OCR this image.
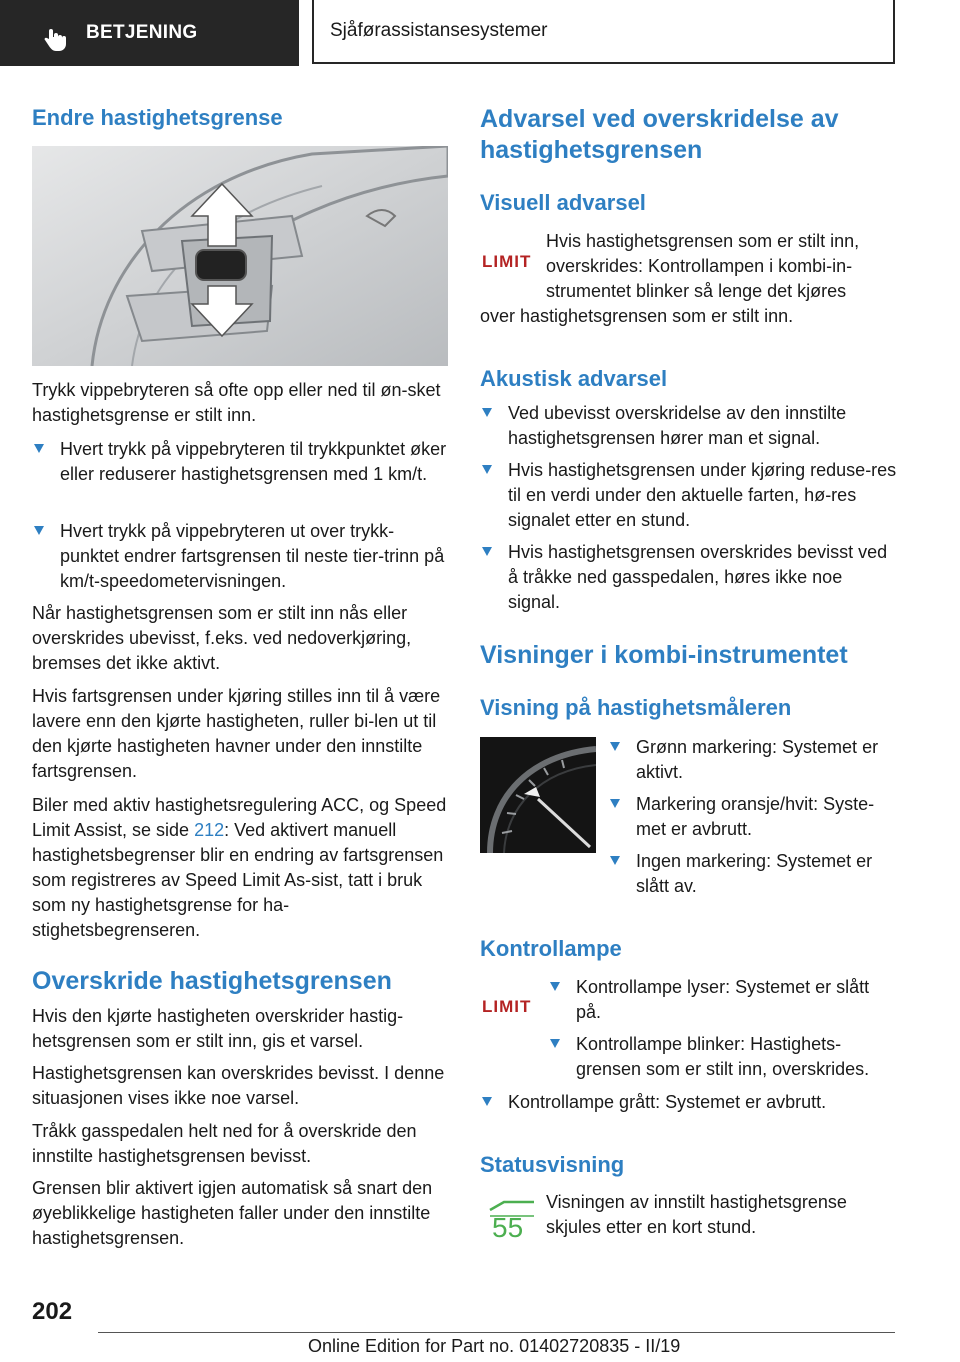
BETJENING	Sjåførassistansesystemer
Endre hastighetsgrense

Trykk vippebryteren så ofte opp eller ned til øn-sket hastighetsgrense er stilt inn.

Hvert trykk på vippebryteren til trykkpunktet øker eller reduserer hastighetsgrensen med 1 km/t.
Hvert trykk på vippebryteren ut over trykk-punktet endrer fartsgrensen til neste tier-trinn på km/t-speedometervisningen.

Når hastighetsgrensen som er stilt inn nås eller overskrides ubevisst, f.eks. ved nedoverkjøring, bremses det ikke aktivt.

Hvis fartsgrensen under kjøring stilles inn til å være lavere enn den kjørte hastigheten, ruller bi-len ut til den kjørte hastigheten havner under den innstilte fartsgrensen.

Biler med aktiv hastighetsregulering ACC, og Speed Limit Assist, se side 212: Ved aktivert manuell hastighetsbegrenser blir en endring av fartsgrensen som registreres av Speed Limit As-sist, tatt i bruk som ny hastighetsgrense for ha-stighetsbegrenseren.

Overskride hastighetsgrensen

Hvis den kjørte hastigheten overskrider hastig-hetsgrensen som er stilt inn, gis et varsel.

Hastighetsgrensen kan overskrides bevisst. I denne situasjonen vises ikke noe varsel.

Tråkk gasspedalen helt ned for å overskride den innstilte hastighetsgrensen bevisst.

Grensen blir aktivert igjen automatisk så snart den øyeblikkelige hastigheten faller under den innstilte hastighetsgrensen.

Advarsel ved overskridelse av hastighetsgrensen
Visuell advarsel
LIMIT

Hvis hastighetsgrensen som er stilt inn, overskrides: Kontrollampen i kombi-in-strumentet blinker så lenge det kjøres

over hastighetsgrensen som er stilt inn.

Akustisk advarsel
Ved ubevisst overskridelse av den innstilte hastighetsgrensen hører man et signal.
Hvis hastighetsgrensen under kjøring reduse-res til en verdi under den aktuelle farten, hø-res signalet etter en stund.
Hvis hastighetsgrensen overskrides bevisst ved å tråkke ned gasspedalen, høres ikke noe signal.
Visninger i kombi-instrumentet
Visning på hastighetsmåleren
Grønn markering: Systemet er aktivt.
Markering oransje/hvit: Syste-met er avbrutt.
Ingen markering: Systemet er slått av.
Kontrollampe
LIMIT
Kontrollampe lyser: Systemet er slått på.
Kontrollampe blinker: Hastighets-grensen som er stilt inn, overskrides.
Kontrollampe grått: Systemet er avbrutt.
Statusvisning
55

Visningen av innstilt hastighetsgrense skjules etter en kort stund.

202
Online Edition for Part no. 01402720835 - II/19
